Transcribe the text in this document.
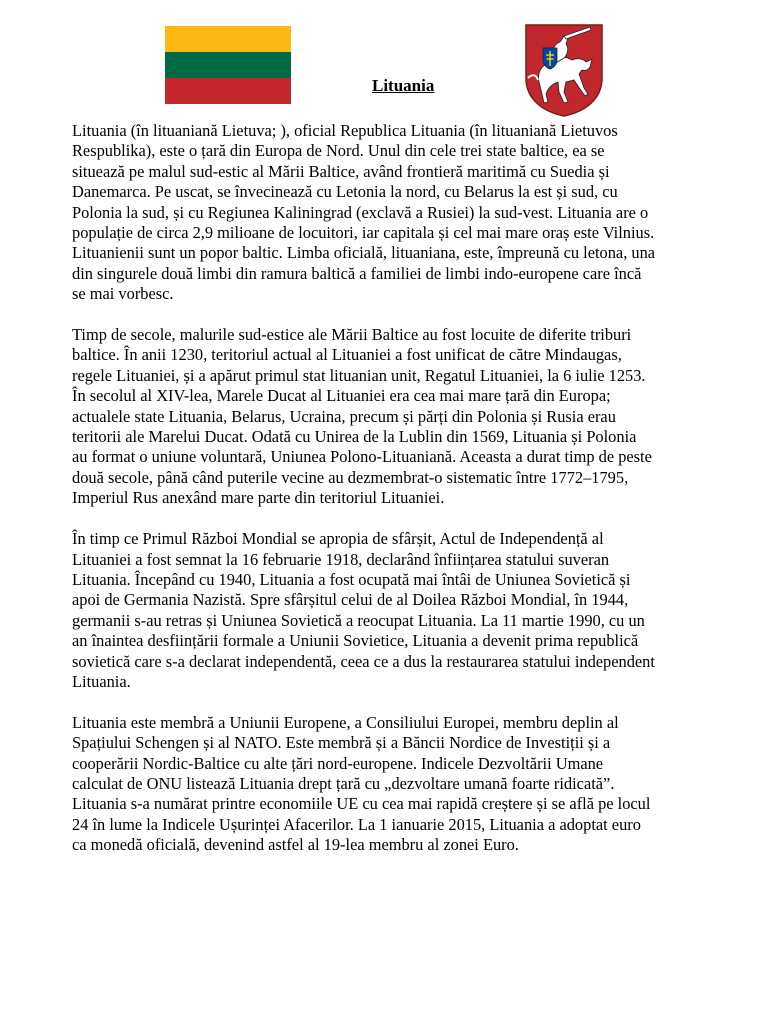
Lituania

Lituania (în lituaniană Lietuva; ), oficial Republica Lituania (în lituaniană Lietuvos
Respublika), este o țară din Europa de Nord. Unul din cele trei state baltice, ea se
situează pe malul sud-estic al Mării Baltice, având frontieră maritimă cu Suedia și
Danemarca. Pe uscat, se învecinează cu Letonia la nord, cu Belarus la est și sud, cu
Polonia la sud, și cu Regiunea Kaliningrad (exclavă a Rusiei) la sud-vest. Lituania are o
populație de circa 2,9 milioane de locuitori, iar capitala și cel mai mare oraș este Vilnius.
Lituanienii sunt un popor baltic. Limba oficială, lituaniana, este, împreună cu letona, una
din singurele două limbi din ramura baltică a familiei de limbi indo-europene care încă
se mai vorbesc.

Timp de secole, malurile sud-estice ale Mării Baltice au fost locuite de diferite triburi
baltice. În anii 1230, teritoriul actual al Lituaniei a fost unificat de către Mindaugas,
regele Lituaniei, și a apărut primul stat lituanian unit, Regatul Lituaniei, la 6 iulie 1253.
În secolul al XIV-lea, Marele Ducat al Lituaniei era cea mai mare țară din Europa;
actualele state Lituania, Belarus, Ucraina, precum și părți din Polonia și Rusia erau
teritorii ale Marelui Ducat. Odată cu Unirea de la Lublin din 1569, Lituania și Polonia
au format o uniune voluntară, Uniunea Polono-Lituaniană. Aceasta a durat timp de peste
două secole, până când puterile vecine au dezmembrat-o sistematic între 1772–1795,
Imperiul Rus anexând mare parte din teritoriul Lituaniei.

În timp ce Primul Război Mondial se apropia de sfârșit, Actul de Independență al
Lituaniei a fost semnat la 16 februarie 1918, declarând înființarea statului suveran
Lituania. Începând cu 1940, Lituania a fost ocupată mai întâi de Uniunea Sovietică și
apoi de Germania Nazistă. Spre sfârșitul celui de al Doilea Război Mondial, în 1944,
germanii s-au retras și Uniunea Sovietică a reocupat Lituania. La 11 martie 1990, cu un
an înaintea desființării formale a Uniunii Sovietice, Lituania a devenit prima republică
sovietică care s-a declarat independentă, ceea ce a dus la restaurarea statului independent
Lituania.

Lituania este membră a Uniunii Europene, a Consiliului Europei, membru deplin al
Spațiului Schengen și al NATO. Este membră și a Băncii Nordice de Investiții și a
cooperării Nordic-Baltice cu alte țări nord-europene. Indicele Dezvoltării Umane
calculat de ONU listează Lituania drept țară cu „dezvoltare umană foarte ridicată”.
Lituania s-a numărat printre economiile UE cu cea mai rapidă creștere și se află pe locul
24 în lume la Indicele Ușurinței Afacerilor. La 1 ianuarie 2015, Lituania a adoptat euro
ca monedă oficială, devenind astfel al 19-lea membru al zonei Euro.
